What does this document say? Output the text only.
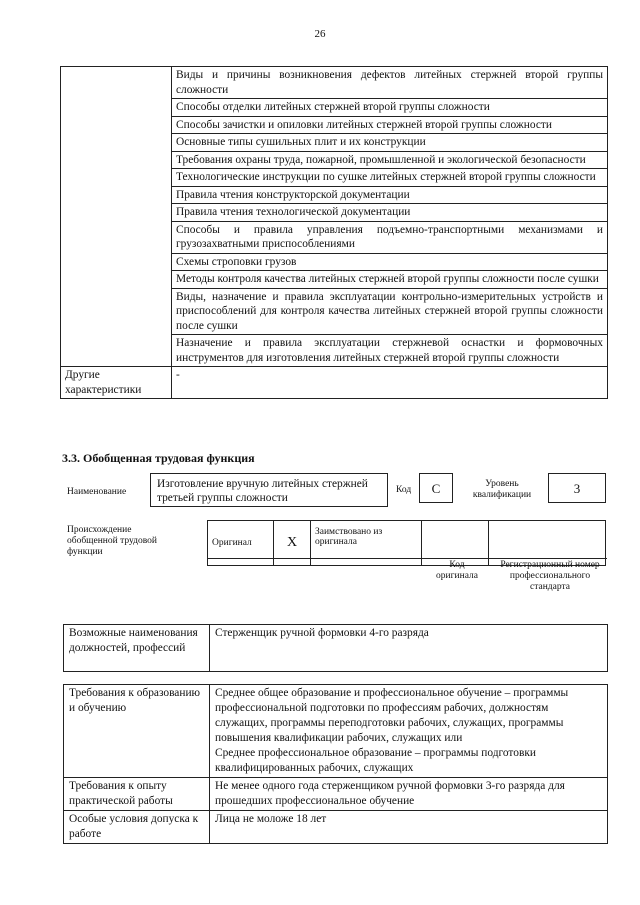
26
	Виды и причины возникновения дефектов литейных стержней второй группы сложности
	Способы отделки литейных стержней второй группы сложности
	Способы зачистки и опиловки литейных стержней второй группы сложности
	Основные типы сушильных плит и их конструкции
	Требования охраны труда, пожарной, промышленной и экологической безопасности
	Технологические инструкции по сушке литейных стержней второй группы сложности
	Правила чтения конструкторской документации
	Правила чтения технологической документации
	Способы и правила управления подъемно-транспортными механизмами и грузозахватными приспособлениями
	Схемы строповки грузов
	Методы контроля качества литейных стержней второй группы сложности после сушки
	Виды, назначение и правила эксплуатации контрольно-измерительных устройств и приспособлений для контроля качества литейных стержней второй группы сложности после сушки
	Назначение и правила эксплуатации стержневой оснастки и формовочных инструментов для изготовления литейных стержней второй группы сложности
Другие характеристики	-
3.3. Обобщенная трудовая функция
Наименование
Изготовление вручную литейных стержней третьей группы сложности
Код	C	Уровень квалификации	3
Происхождение обобщенной трудовой функции
Оригинал	X	Заимствовано из оригинала		
Код оригинала
Регистрационный номер профессионального стандарта
Возможные наименования должностей, профессий	Стерженщик ручной формовки 4-го разряда
Требования к образованию и обучению	Среднее общее образование и профессиональное обучение – программы профессиональной подготовки по профессиям рабочих, должностям служащих, программы переподготовки рабочих, служащих, программы повышения квалификации рабочих, служащих или
Среднее профессиональное образование – программы подготовки квалифицированных рабочих, служащих

Требования к опыту практической работы	Не менее одного года стерженщиком ручной формовки 3-го разряда для прошедших профессиональное обучение
Особые условия допуска к работе	Лица не моложе 18 лет
